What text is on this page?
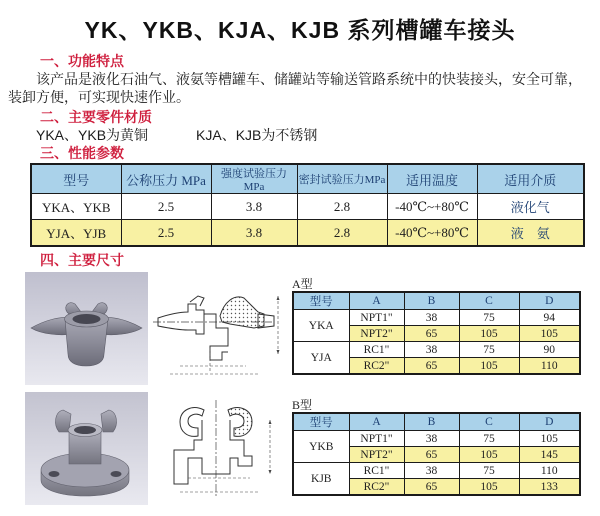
YK、YKB、KJA、KJB 系列槽罐车接头
一、功能特点
该产品是液化石油气、液氨等槽罐车、储罐站等输送管路系统中的快装接头，安全可靠，装卸方便，可实现快速作业。
二、主要零件材质
YKA、YKB为黄铜	KJA、KJB为不锈钢
三、性能参数
型号	公称压力 MPa	强度试验压力MPa	密封试验压力MPa	适用温度	适用介质
YKA、YKB	2.5	3.8	2.8	-40℃~+80℃	液化气
YJA、YJB	2.5	3.8	2.8	-40℃~+80℃	液　氨
四、主要尺寸
A型
型号	A	B	C	D
YKA	NPT1"	38	75	94
	NPT2"	65	105	105
YJA	RC1"	38	75	90
	RC2"	65	105	110
B型
型号	A	B	C	D
YKB	NPT1"	38	75	105
	NPT2"	65	105	145
KJB	RC1"	38	75	110
	RC2"	65	105	133
